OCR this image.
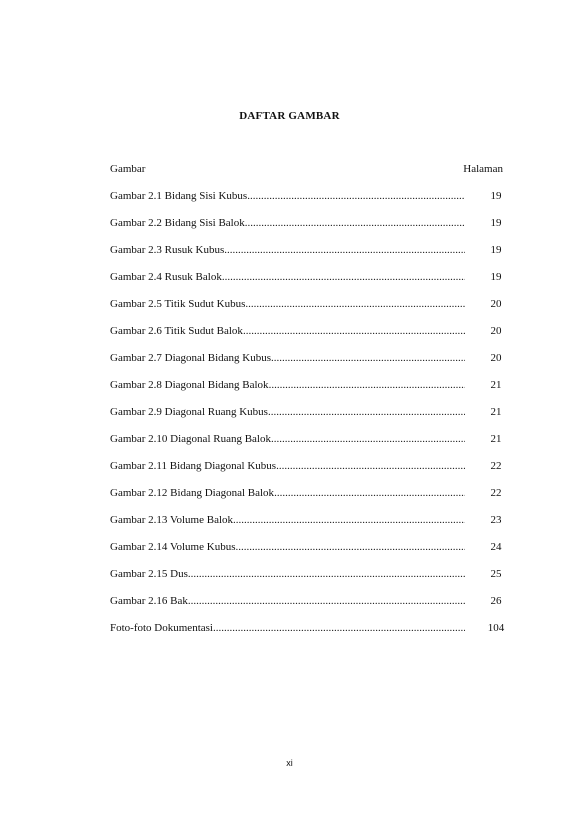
DAFTAR GAMBAR
Gambar	Halaman
Gambar 2.1 Bidang Sisi Kubus .....	19
Gambar 2.2 Bidang Sisi Balok .....	19
Gambar 2.3 Rusuk Kubus .....	19
Gambar 2.4 Rusuk Balok .....	19
Gambar 2.5 Titik Sudut Kubus .....	20
Gambar 2.6 Titik Sudut Balok .....	20
Gambar 2.7 Diagonal Bidang Kubus .....	20
Gambar 2.8 Diagonal Bidang Balok .....	21
Gambar 2.9 Diagonal Ruang Kubus .....	21
Gambar 2.10 Diagonal Ruang Balok .....	21
Gambar 2.11 Bidang Diagonal Kubus .....	22
Gambar 2.12 Bidang Diagonal Balok .....	22
Gambar 2.13 Volume Balok .....	23
Gambar 2.14 Volume Kubus .....	24
Gambar 2.15 Dus .....	25
Gambar 2.16 Bak .....	26
Foto-foto Dokumentasi .....	104
xi
